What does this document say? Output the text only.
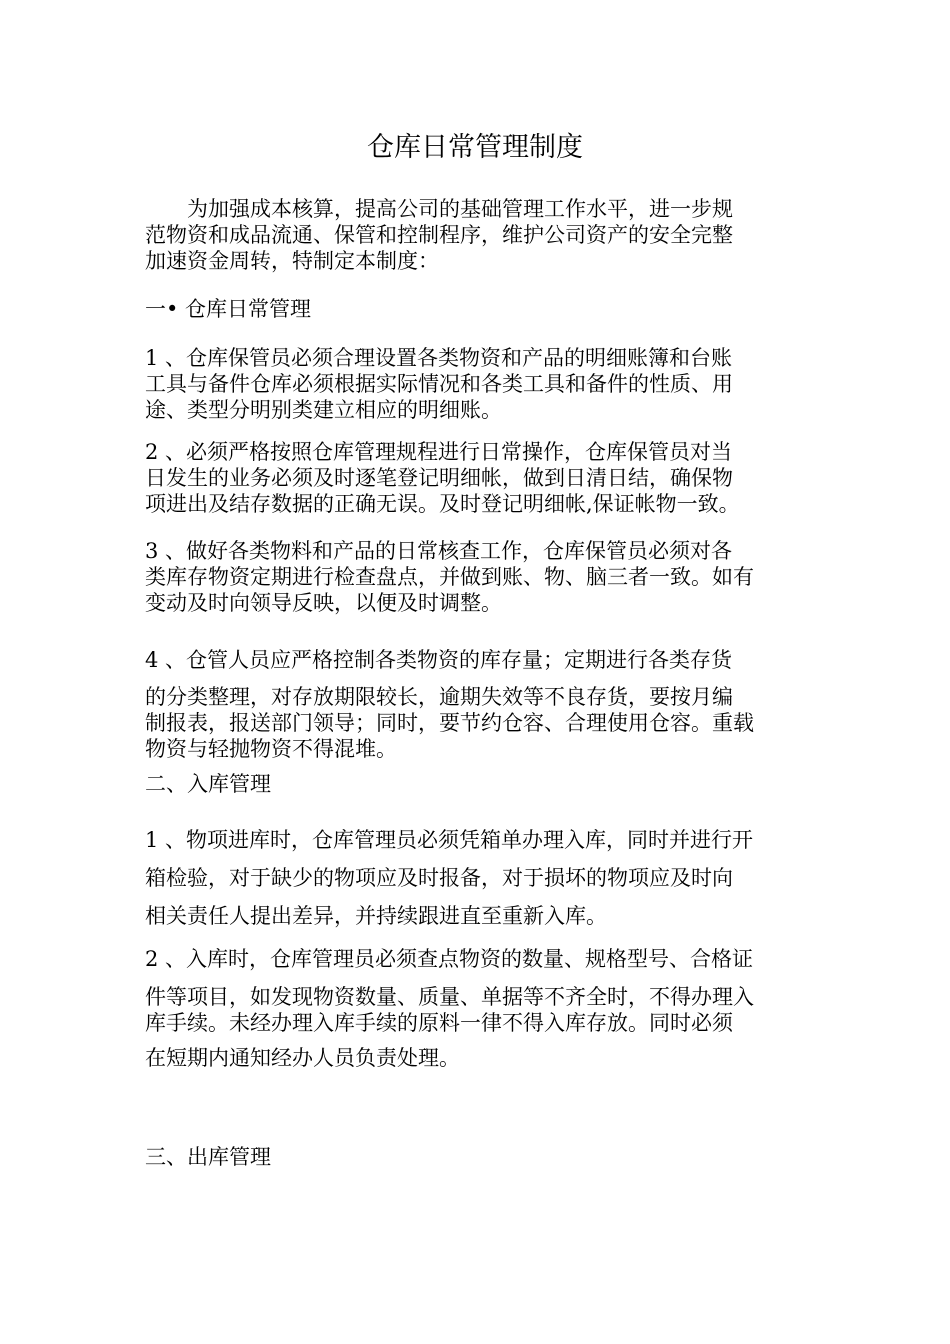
仓库日常管理制度

　　为加强成本核算，提高公司的基础管理工作水平，进一步规
范物资和成品流通、保管和控制程序，维护公司资产的安全完整
加速资金周转，特制定本制度：

一• 仓库日常管理

1 、仓库保管员必须合理设置各类物资和产品的明细账簿和台账
工具与备件仓库必须根据实际情况和各类工具和备件的性质、用
途、类型分明别类建立相应的明细账。

2 、必须严格按照仓库管理规程进行日常操作，仓库保管员对当
日发生的业务必须及时逐笔登记明细帐，做到日清日结，确保物
项进出及结存数据的正确无误。及时登记明细帐,保证帐物一致。

3 、做好各类物料和产品的日常核查工作，仓库保管员必须对各
类库存物资定期进行检查盘点，并做到账、物、脑三者一致。如有
变动及时向领导反映，以便及时调整。

4 、仓管人员应严格控制各类物资的库存量；定期进行各类存货

的分类整理，对存放期限较长，逾期失效等不良存货，要按月编
制报表，报送部门领导；同时，要节约仓容、合理使用仓容。重载
物资与轻抛物资不得混堆。

二、入库管理

1 、物项进库时，仓库管理员必须凭箱单办理入库，同时并进行开
箱检验，对于缺少的物项应及时报备，对于损坏的物项应及时向
相关责任人提出差异，并持续跟进直至重新入库。

2 、入库时，仓库管理员必须查点物资的数量、规格型号、合格证

件等项目，如发现物资数量、质量、单据等不齐全时，不得办理入
库手续。未经办理入库手续的原料一律不得入库存放。同时必须

在短期内通知经办人员负责处理。

三、出库管理
